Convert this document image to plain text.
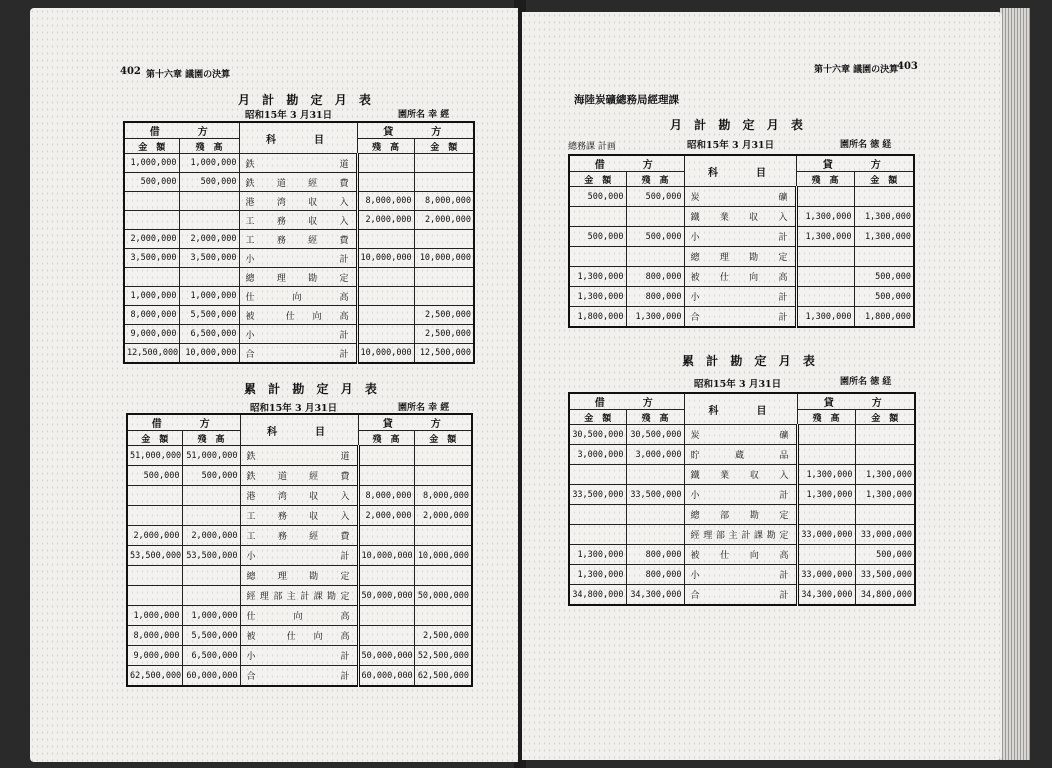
402 第十六章 議園の決算
月 計 勘 定 月 表
昭和15年 3 月31日	園所名 幸 經
借　　方		科　　目	貸　　方	
金　額	殘　高		殘　高	金　額
1,000,000	1,000,000	鉄　　　　道		
500,000	500,000	鉄　道　經　費		
		港　湾　収　入	8,000,000	8,000,000
		工　務　収　入	2,000,000	2,000,000
2,000,000	2,000,000	工　務　經　費		
3,500,000	3,500,000	小　　　　計	10,000,000	10,000,000
		總　理　勘　定		
1,000,000	1,000,000	仕　　向　　高		
8,000,000	5,500,000	被　　仕　向　高		2,500,000
9,000,000	6,500,000	小　　　　計		2,500,000
12,500,000	10,000,000	合　　　　計	10,000,000	12,500,000
累 計 勘 定 月 表
昭和15年 3 月31日	園所名 幸 經
借　　方		科　　目	貸　　方	
金　額	殘　高		殘　高	金　額
51,000,000	51,000,000	鉄　　　　道		
500,000	500,000	鉄　道　經　費		
		港　湾　収　入	8,000,000	8,000,000
		工　務　収　入	2,000,000	2,000,000
2,000,000	2,000,000	工　務　經　費		
53,500,000	53,500,000	小　　　　計	10,000,000	10,000,000
		總　理　勘　定		
		經理部主計課勘定	50,000,000	50,000,000
1,000,000	1,000,000	仕　　向　　高		
8,000,000	5,500,000	被　　仕　向　高		2,500,000
9,000,000	6,500,000	小　　　　計	50,000,000	52,500,000
62,500,000	60,000,000	合　　　　計	60,000,000	62,500,000
第十六章 議園の決算
403
海陸炭礦總務局經理課
月 計 勘 定 月 表
總務課 計画	昭和15年 3 月31日	園所名 徳 経
借　　方		科　　目	貸　　方	
金　額	殘　高		殘　高	金　額
500,000	500,000	炭　　　　礦		
		鐵　業　収　入	1,300,000	1,300,000
500,000	500,000	小　　　　計	1,300,000	1,300,000
		總　理　勘　定		
1,300,000	800,000	被　仕　向　高		500,000
1,300,000	800,000	小　　　　計		500,000
1,800,000	1,300,000	合　　　　計	1,300,000	1,800,000
累 計 勘 定 月 表
昭和15年 3 月31日	園所名 徳 経
借　　方		科　　目	貸　　方	
金　額	殘　高		殘　高	金　額
30,500,000	30,500,000	炭　　　　礦		
3,000,000	3,000,000	貯　　蔵　　品		
		鐵　業　収　入	1,300,000	1,300,000
33,500,000	33,500,000	小　　　　計	1,300,000	1,300,000
		總　部　勘　定		
		經理部主計課勘定	33,000,000	33,000,000
1,300,000	800,000	被　仕　向　高		500,000
1,300,000	800,000	小　　　　計	33,000,000	33,500,000
34,800,000	34,300,000	合　　　　計	34,300,000	34,800,000
